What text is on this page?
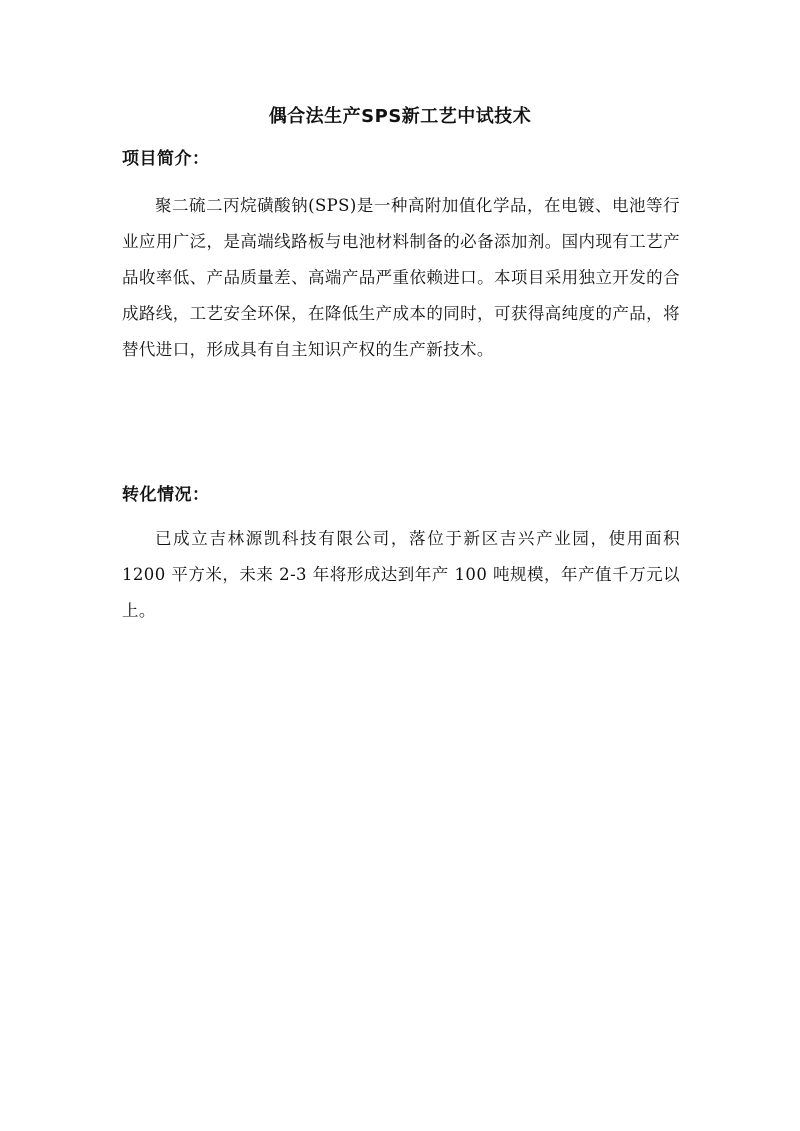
偶合法生产SPS新工艺中试技术
项目简介：

聚二硫二丙烷磺酸钠(SPS)是一种高附加值化学品，在电镀、电池等行业应用广泛，是高端线路板与电池材料制备的必备添加剂。国内现有工艺产品收率低、产品质量差、高端产品严重依赖进口。本项目采用独立开发的合成路线，工艺安全环保，在降低生产成本的同时，可获得高纯度的产品，将替代进口，形成具有自主知识产权的生产新技术。

转化情况：

已成立吉林源凯科技有限公司，落位于新区吉兴产业园，使用面积 1200 平方米，未来 2-3 年将形成达到年产 100 吨规模，年产值千万元以上。
